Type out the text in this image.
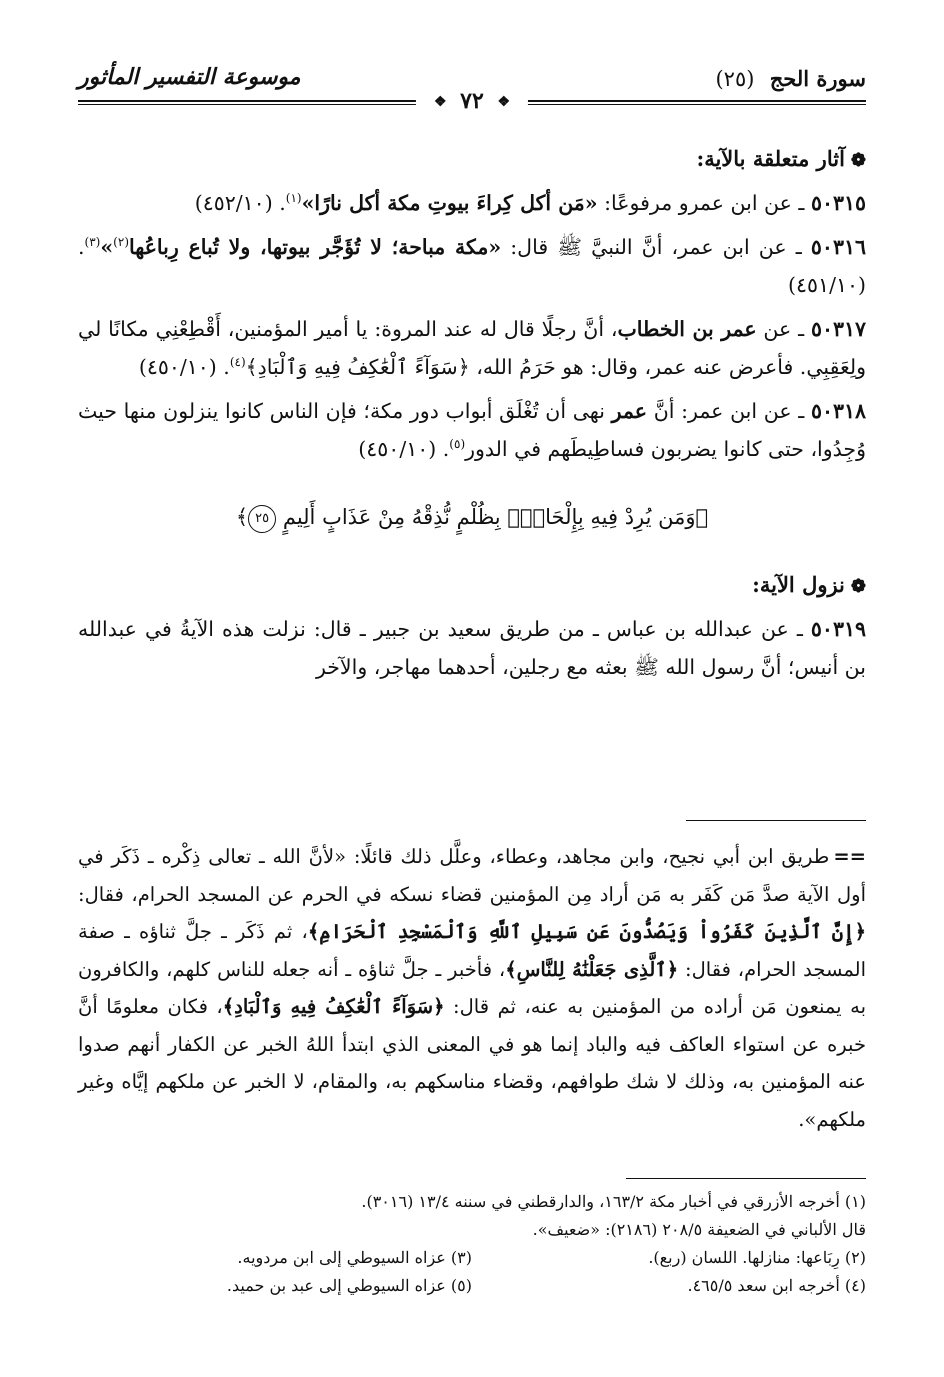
سورة الحج (٢٥)
موسوعة التفسير المأثور
❖ ٧٢ ❖
❁آثار متعلقة بالآية:

٥٠٣١٥ ـ عن ابن عمرو مرفوعًا: «مَن أكل كِراءَ بيوتِ مكة أكل نارًا»$^{(١)}$. (٤٥٢/١٠)

٥٠٣١٦ ـ عن ابن عمر، أنَّ النبيَّ ﷺ قال: «مكة مباحة؛ لا تُؤَجَّر بيوتها، ولا تُباع رِباعُها$^{(٢)}$»$^{(٣)}$. (٤٥١/١٠)

٥٠٣١٧ ـ عن عمر بن الخطاب، أنَّ رجلًا قال له عند المروة: يا أمير المؤمنين، أَقْطِعْنِي مكانًا لي ولِعَقِبِي. فأعرض عنه عمر، وقال: هو حَرَمُ الله، ﴿سَوَآءً ٱلْعَٰكِفُ فِيهِ وَٱلْبَادِ﴾$^{(٤)}$. (٤٥٠/١٠)

٥٠٣١٨ ـ عن ابن عمر: أنَّ عمر نهى أن تُغْلَق أبواب دور مكة؛ فإن الناس كانوا ينزلون منها حيث وُجِدُوا، حتى كانوا يضربون فساطِيطَهم في الدور$^{(٥)}$. (٤٥٠/١٠)

﴿وَمَن يُرِدْ فِيهِ بِإِلْحَادِۭ بِظُلْمٍ نُّذِقْهُ مِنْ عَذَابٍ أَلِيمٍ ٢٥﴾
❁نزول الآية:

٥٠٣١٩ ـ عن عبدالله بن عباس ـ من طريق سعيد بن جبير ـ قال: نزلت هذه الآيةُ في عبدالله بن أنيس؛ أنَّ رسول الله ﷺ بعثه مع رجلين، أحدهما مهاجر، والآخر

==طريق ابن أبي نجيح، وابن مجاهد، وعطاء، وعلَّل ذلك قائلًا: «لأنَّ الله ـ تعالى ذِكْره ـ ذَكَر في أول الآية صدَّ مَن كَفَر به مَن أراد مِن المؤمنين قضاء نسكه في الحرم عن المسجد الحرام، فقال: ﴿إِنَّ ٱلَّذِينَ كَفَرُواْ وَيَصُدُّونَ عَن سَبِيلِ ٱللَّهِ وَٱلْمَسْجِدِ ٱلْحَرَامِ﴾، ثم ذَكَر ـ جلَّ ثناؤه ـ صفة المسجد الحرام، فقال: ﴿ٱلَّذِى جَعَلْنَٰهُ لِلنَّاسِ﴾، فأخبر ـ جلَّ ثناؤه ـ أنه جعله للناس كلهم، والكافرون به يمنعون مَن أراده من المؤمنين به عنه، ثم قال: ﴿سَوَآءً ٱلْعَٰكِفُ فِيهِ وَٱلْبَادِ﴾، فكان معلومًا أنَّ خبره عن استواء العاكف فيه والباد إنما هو في المعنى الذي ابتدأ اللهُ الخبر عن الكفار أنهم صدوا عنه المؤمنين به، وذلك لا شك طوافهم، وقضاء مناسكهم به، والمقام، لا الخبر عن ملكهم إيَّاه وغير ملكهم».
(١) أخرجه الأزرقي في أخبار مكة ١٦٣/٢، والدارقطني في سننه ١٣/٤ (٣٠١٦).
قال الألباني في الضعيفة ٢٠٨/٥ (٢١٨٦): «ضعيف».
(٢) رِبَاعها: منازلها. اللسان (ربع).
(٣) عزاه السيوطي إلى ابن مردويه.
(٤) أخرجه ابن سعد ٤٦٥/٥.
(٥) عزاه السيوطي إلى عبد بن حميد.
